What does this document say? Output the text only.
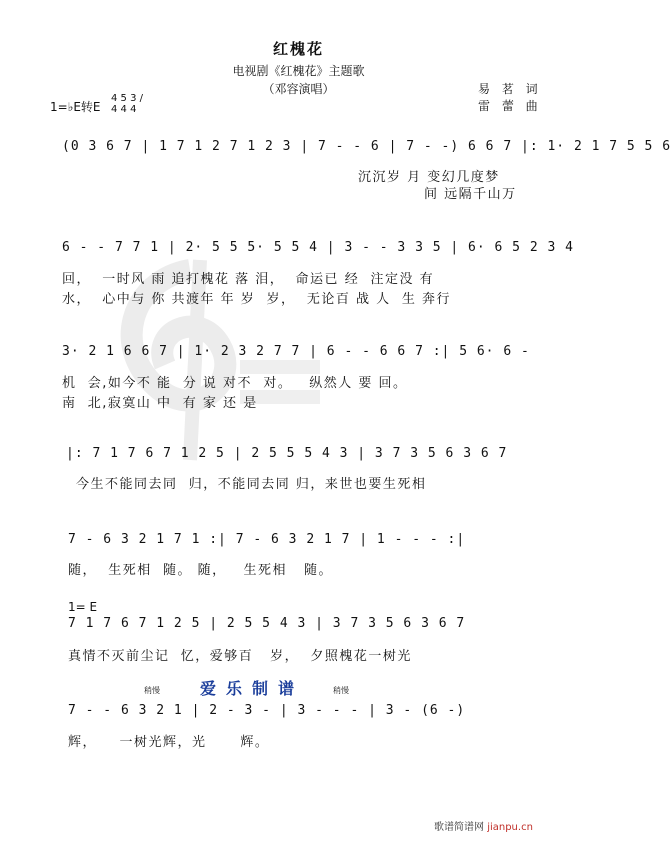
红槐花
电视剧《红槐花》主题歌
（邓容演唱）	易 茗 词
雷 蕾 曲
1=♭E转E
4 5 3 / 4 4 4
(0 3 6 7 | 1 7 1 2 7 1 2 3 | 7 - - 6 | 7 - -) 6 6 7 |: 1· 2 1 7 5 5 6
沉沉岁 月 变幻几度梦
间 远隔千山万
6 - - 7 7 1 | 2· 5 5 5· 5 5 4 | 3 - - 3 3 5 | 6· 6 5 2 3 4
回，  一时风 雨 追打槐花 落 泪，  命运已 经  注定没 有
水，  心中与 你 共渡年 年 岁  岁，  无论百 战 人  生 奔行
3· 2 1 6 6 7 | 1· 2 3 2 7 7 | 6 - - 6 6 7 :| 5 6· 6 -
机  会,如今不 能  分 说 对不  对。   纵然人 要 回。
南  北,寂寞山 中  有 家 还 是
|: 7 1 7 6 7 1 2 5 | 2 5 5 5 4 3 | 3 7 3 5 6 3 6 7
今生不能同去同  归，不能同去同 归，来世也要生死相
7 - 6 3 2 1 7 1 :| 7 - 6 3 2 1 7 | 1 - - - :|
随，  生死相  随。 随，   生死相   随。
1= E
7 1 7 6 7 1 2 5 | 2 5 5 4 3 | 3 7 3 5 6 3 6 7
真情不灭前尘记  忆，爱够百   岁，  夕照槐花一树光
稍慢	稍慢
爱乐制谱
7 - - 6 3 2 1 | 2 - 3 - | 3 - - - | 3 - (6 -)
辉，    一树光辉，光      辉。
歌谱简谱网 jianpu.cn
